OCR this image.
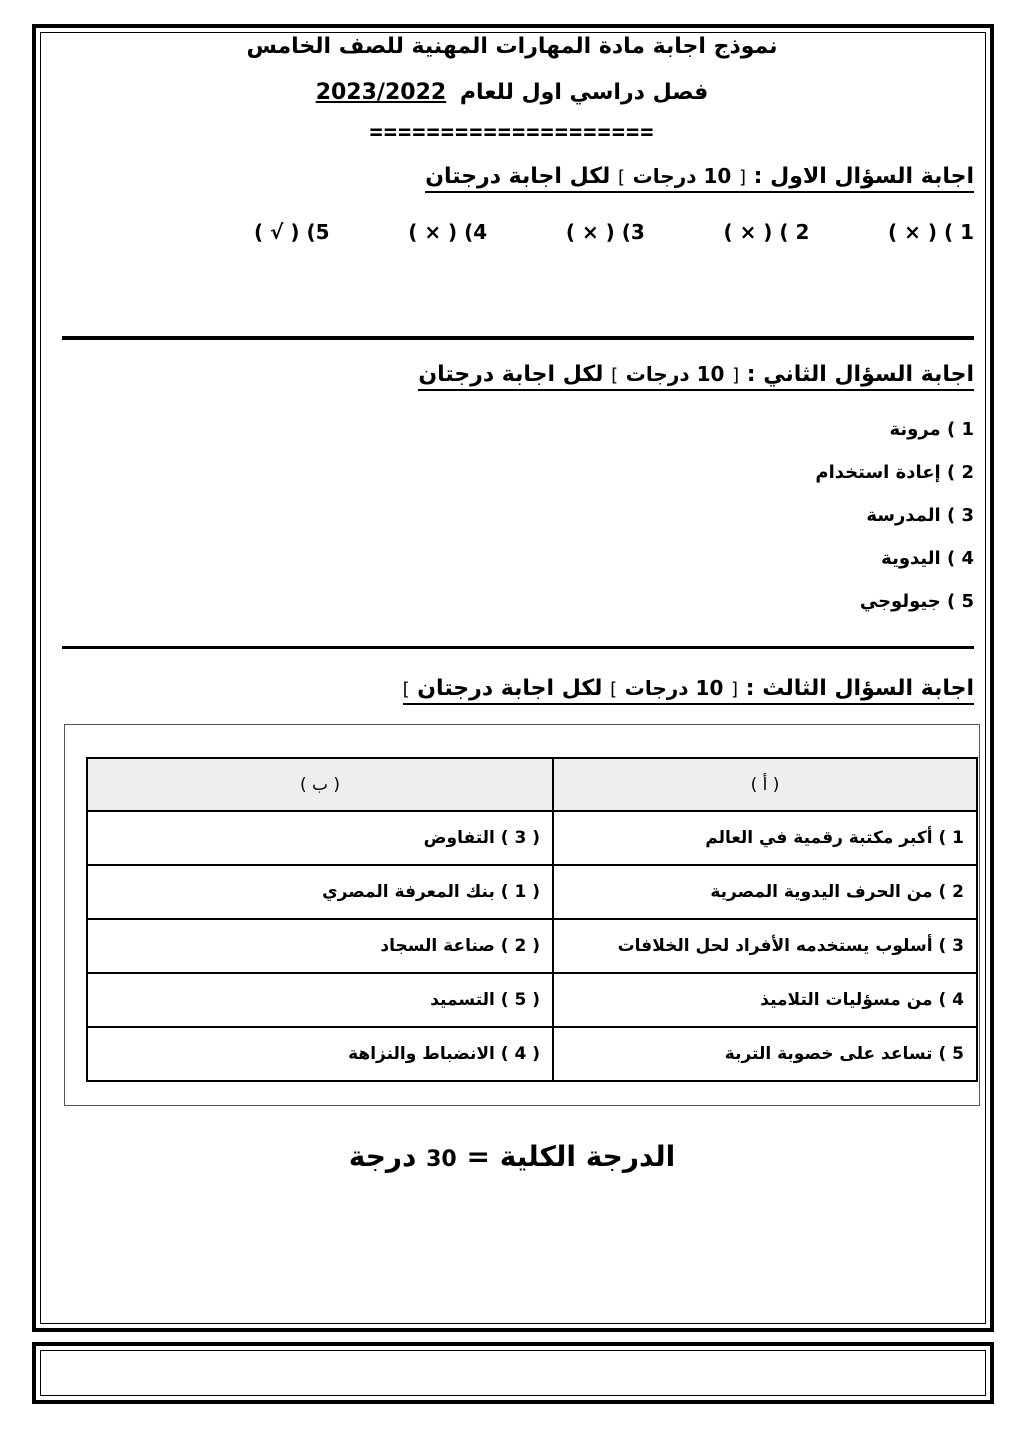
نموذج اجابة مادة المهارات المهنية للصف الخامس
فصل دراسي اول للعام 2023/2022
====================
اجابة السؤال الاول : [ 10 درجات ] لكل اجابة درجتان
1 ) ( × )
2 ) ( × )
3) ( × )
4) ( × )
5) ( √ )
اجابة السؤال الثاني : [ 10 درجات ] لكل اجابة درجتان
1 ) مرونة
2 ) إعادة استخدام
3 ) المدرسة
4 ) اليدوية
5 ) جيولوجي
اجابة السؤال الثالث : [ 10 درجات ] لكل اجابة درجتان ]
( أ )	( ب )
1 ) أكبر مكتبة رقمية في العالم	( 3 ) التفاوض
2 ) من الحرف اليدوية المصرية	( 1 ) بنك المعرفة المصري
3 ) أسلوب يستخدمه الأفراد لحل الخلافات	( 2 ) صناعة السجاد
4 ) من مسؤليات التلاميذ	( 5 ) التسميد
5 ) تساعد على خصوبة التربة	( 4 ) الانضباط والنزاهة
الدرجة الكلية = 30 درجة
